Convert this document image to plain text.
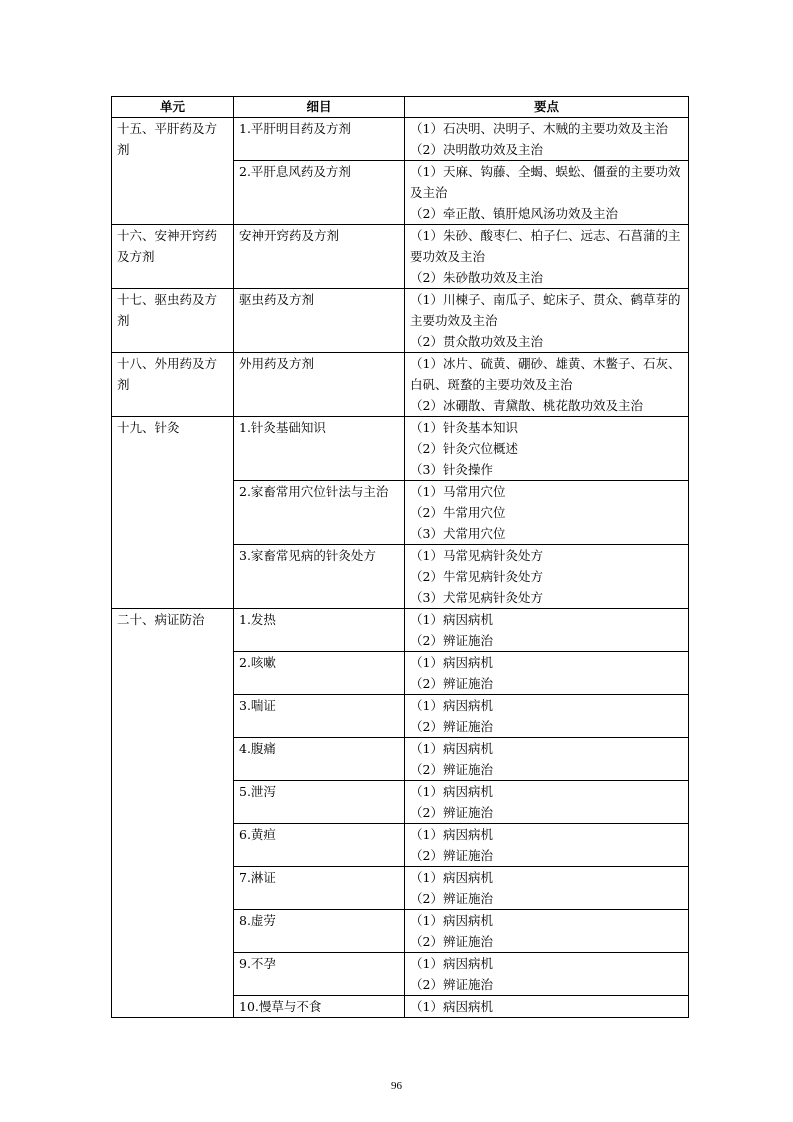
单元	细目	要点
十五、平肝药及方剂	1.平肝明目药及方剂	（1）石决明、决明子、木贼的主要功效及主治
（2）决明散功效及主治

	2.平肝息风药及方剂	（1）天麻、钩藤、全蝎、蜈蚣、僵蚕的主要功效及主治
（2）牵正散、镇肝熄风汤功效及主治

十六、安神开窍药及方剂	安神开窍药及方剂	（1）朱砂、酸枣仁、柏子仁、远志、石菖蒲的主要功效及主治
（2）朱砂散功效及主治

十七、驱虫药及方剂	驱虫药及方剂	（1）川楝子、南瓜子、蛇床子、贯众、鹤草芽的主要功效及主治
（2）贯众散功效及主治

十八、外用药及方剂	外用药及方剂	（1）冰片、硫黄、硼砂、雄黄、木鳖子、石灰、白矾、斑蝥的主要功效及主治
（2）冰硼散、青黛散、桃花散功效及主治

十九、针灸	1.针灸基础知识	（1）针灸基本知识
（2）针灸穴位概述
（3）针灸操作

	2.家畜常用穴位针法与主治	（1）马常用穴位
（2）牛常用穴位
（3）犬常用穴位

	3.家畜常见病的针灸处方	（1）马常见病针灸处方
（2）牛常见病针灸处方
（3）犬常见病针灸处方

二十、病证防治	1.发热	（1）病因病机
（2）辨证施治

	2.咳嗽	（1）病因病机
（2）辨证施治

	3.喘证	（1）病因病机
（2）辨证施治

	4.腹痛	（1）病因病机
（2）辨证施治

	5.泄泻	（1）病因病机
（2）辨证施治

	6.黄疸	（1）病因病机
（2）辨证施治

	7.淋证	（1）病因病机
（2）辨证施治

	8.虚劳	（1）病因病机
（2）辨证施治

	9.不孕	（1）病因病机
（2）辨证施治

	10.慢草与不食	（1）病因病机
96
